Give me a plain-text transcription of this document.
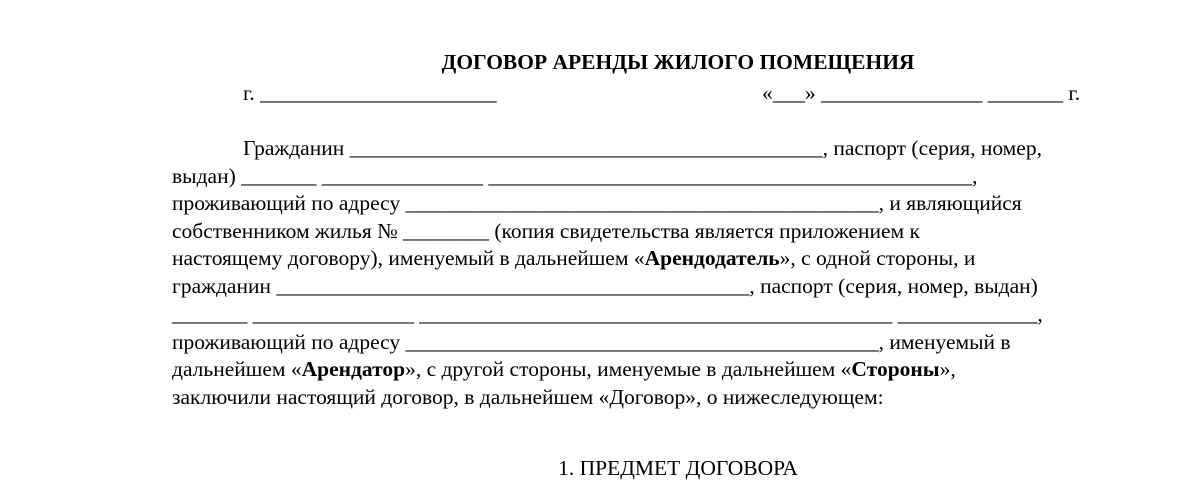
ДОГОВОР АРЕНДЫ ЖИЛОГО ПОМЕЩЕНИЯ
г. ______________________	«___» _______________ _______ г.
Гражданин ____________________________________________, паспорт (серия, номер,
выдан) _______ _______________ _____________________________________________,
проживающий по адресу ____________________________________________, и являющийся
собственником жилья № ________ (копия свидетельства является приложением к
настоящему договору), именуемый в дальнейшем «Арендодатель», с одной стороны, и
гражданин ____________________________________________, паспорт (серия, номер, выдан)
_______ _______________ ____________________________________________ _____________,
проживающий по адресу ____________________________________________, именуемый в
дальнейшем «Арендатор», с другой стороны, именуемые в дальнейшем «Стороны»,
заключили настоящий договор, в дальнейшем «Договор», о нижеследующем:
1. ПРЕДМЕТ ДОГОВОРА
